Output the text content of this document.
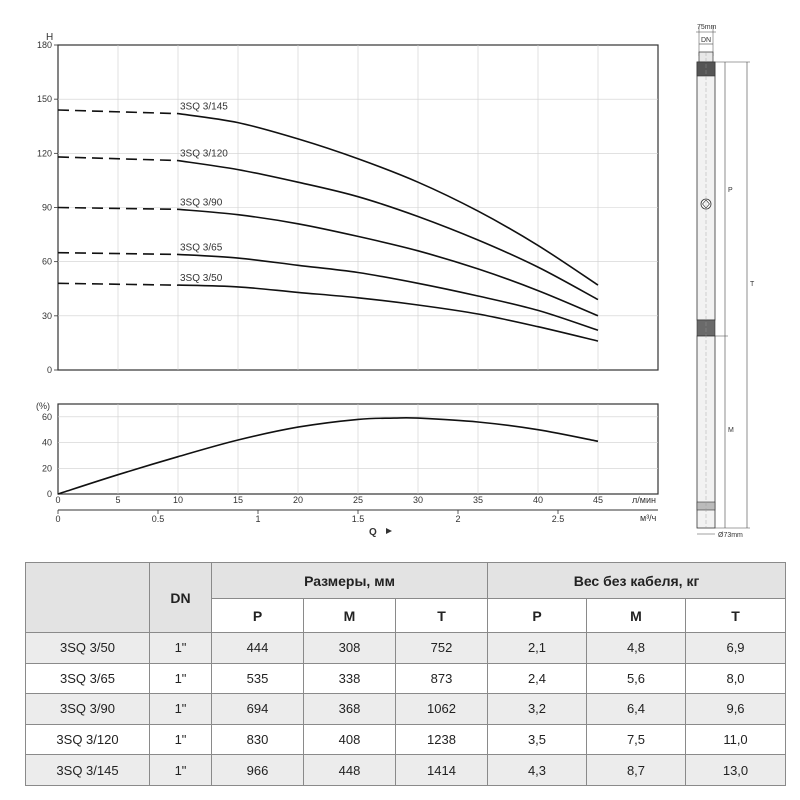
0
30
60
90
120
150
180
H
3SQ 3/145
3SQ 3/120
3SQ 3/90
3SQ 3/65
3SQ 3/50
0
20
40
60
(%)
0	5	10	15	20	25	30	35	40	45	л/мин
0	0.5	1	1.5	2	2.5	м³/ч
Q
75mm
DN
P
T
M
Ø73mm
	DN	Размеры, мм			Вес без кабеля, кг		
		P	M	T	P	M	T
3SQ 3/50	1"	444	308	752	2,1	4,8	6,9
3SQ 3/65	1"	535	338	873	2,4	5,6	8,0
3SQ 3/90	1"	694	368	1062	3,2	6,4	9,6
3SQ 3/120	1"	830	408	1238	3,5	7,5	11,0
3SQ 3/145	1"	966	448	1414	4,3	8,7	13,0
